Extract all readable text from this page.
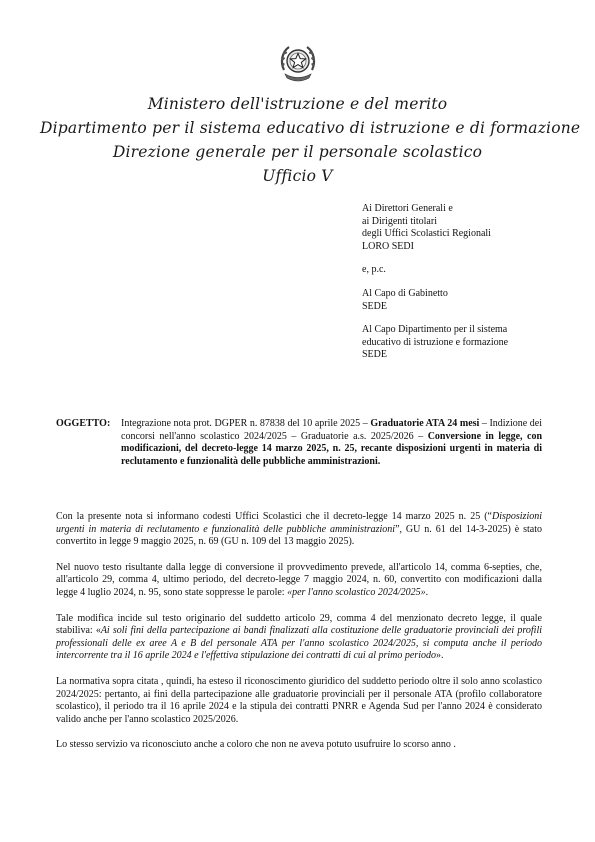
Ministero dell'istruzione e del merito
Dipartimento per il sistema educativo di istruzione e di formazione
Direzione generale per il personale scolastico
Ufficio V
Ai Direttori Generali e
ai Dirigenti titolari
degli Uffici Scolastici Regionali
LORO SEDI
e, p.c.
Al Capo di Gabinetto
SEDE
Al Capo Dipartimento per il sistema
educativo di istruzione e formazione
SEDE
OGGETTO: Integrazione nota prot. DGPER n. 87838 del 10 aprile 2025 – Graduatorie ATA 24 mesi – Indizione dei concorsi nell'anno scolastico 2024/2025 – Graduatorie a.s. 2025/2026 – Conversione in legge, con modificazioni, del decreto-legge 14 marzo 2025, n. 25, recante disposizioni urgenti in materia di reclutamento e funzionalità delle pubbliche amministrazioni.

Con la presente nota si informano codesti Uffici Scolastici che il decreto-legge 14 marzo 2025 n. 25 (“Disposizioni urgenti in materia di reclutamento e funzionalità delle pubbliche amministrazioni”, GU n. 61 del 14-3-2025) è stato convertito in legge 9 maggio 2025, n. 69 (GU n. 109 del 13 maggio 2025).

Nel nuovo testo risultante dalla legge di conversione il provvedimento prevede, all'articolo 14, comma 6-septies, che, all'articolo 29, comma 4, ultimo periodo, del decreto-legge 7 maggio 2024, n. 60, convertito con modificazioni dalla legge 4 luglio 2024, n. 95, sono state soppresse le parole: «per l'anno scolastico 2024/2025».

Tale modifica incide sul testo originario del suddetto articolo 29, comma 4 del menzionato decreto legge, il quale stabiliva: «Ai soli fini della partecipazione ai bandi finalizzati alla costituzione delle graduatorie provinciali dei profili professionali delle ex aree A e B del personale ATA per l'anno scolastico 2024/2025, si computa anche il periodo intercorrente tra il 16 aprile 2024 e l'effettiva stipulazione dei contratti di cui al primo periodo».

La normativa sopra citata , quindi, ha esteso il riconoscimento giuridico del suddetto periodo oltre il solo anno scolastico 2024/2025: pertanto, ai fini della partecipazione alle graduatorie provinciali per il personale ATA (profilo collaboratore scolastico), il periodo tra il 16 aprile 2024 e la stipula dei contratti PNRR e Agenda Sud per l'anno 2024 è considerato valido anche per l'anno scolastico 2025/2026.

Lo stesso servizio va riconosciuto anche a coloro che non ne aveva potuto usufruire lo scorso anno .
